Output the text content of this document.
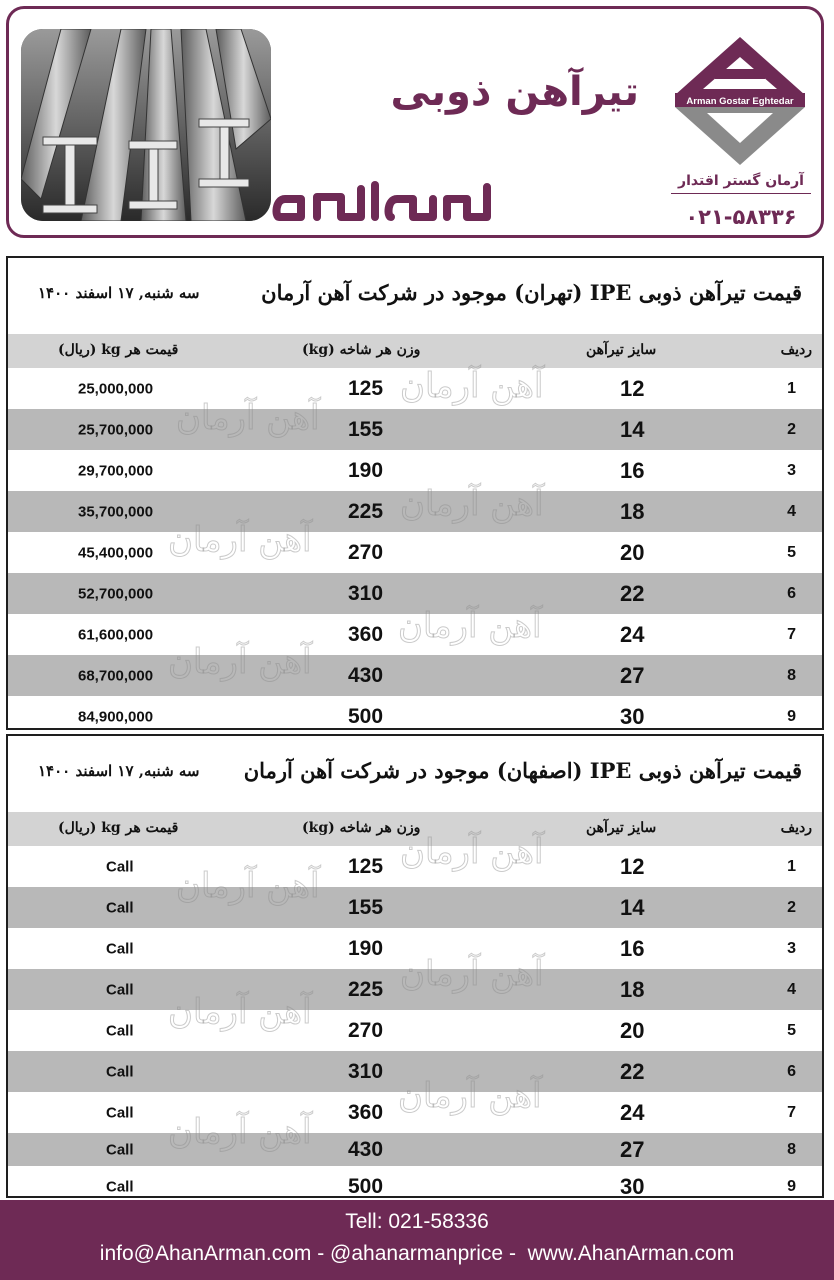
تیرآهن ذوبی	Arman Gostar Eghtedar
آرمان گستر اقتدار
۰۲۱-۵۸۳۳۶
قیمت تیرآهن ذوبی IPE (تهران) موجود در شرکت آهن آرمان
سه شنبه, ۱۷ اسفند ۱۴۰۰
ردیف
سایز تیرآهن
وزن هر شاخه (kg)
قیمت هر kg (ریال)
1
12
125
25,000,000
2
14
155
25,700,000
3
16
190
29,700,000
4
18
225
35,700,000
5
20
270
45,400,000
6
22
310
52,700,000
7
24
360
61,600,000
8
27
430
68,700,000
9
30
500
84,900,000
آهن آرمان
آهن آرمان
آهن آرمان
قیمت تیرآهن ذوبی IPE (اصفهان) موجود در شرکت آهن آرمان
سه شنبه, ۱۷ اسفند ۱۴۰۰
ردیف
سایز تیرآهن
وزن هر شاخه (kg)
قیمت هر kg (ریال)
1
12
125
Call
2
14
155
Call
3
16
190
Call
4
18
225
Call
5
20
270
Call
6
22
310
Call
7
24
360
Call
8
27
430
Call
9
30
500
Call
آهن آرمان
آهن آرمان
آهن آرمان
آهن آرمان
آهن آرمان
Tell: 021-58336
info@AhanArman.com - @ahanarmanprice -  www.AhanArman.com
